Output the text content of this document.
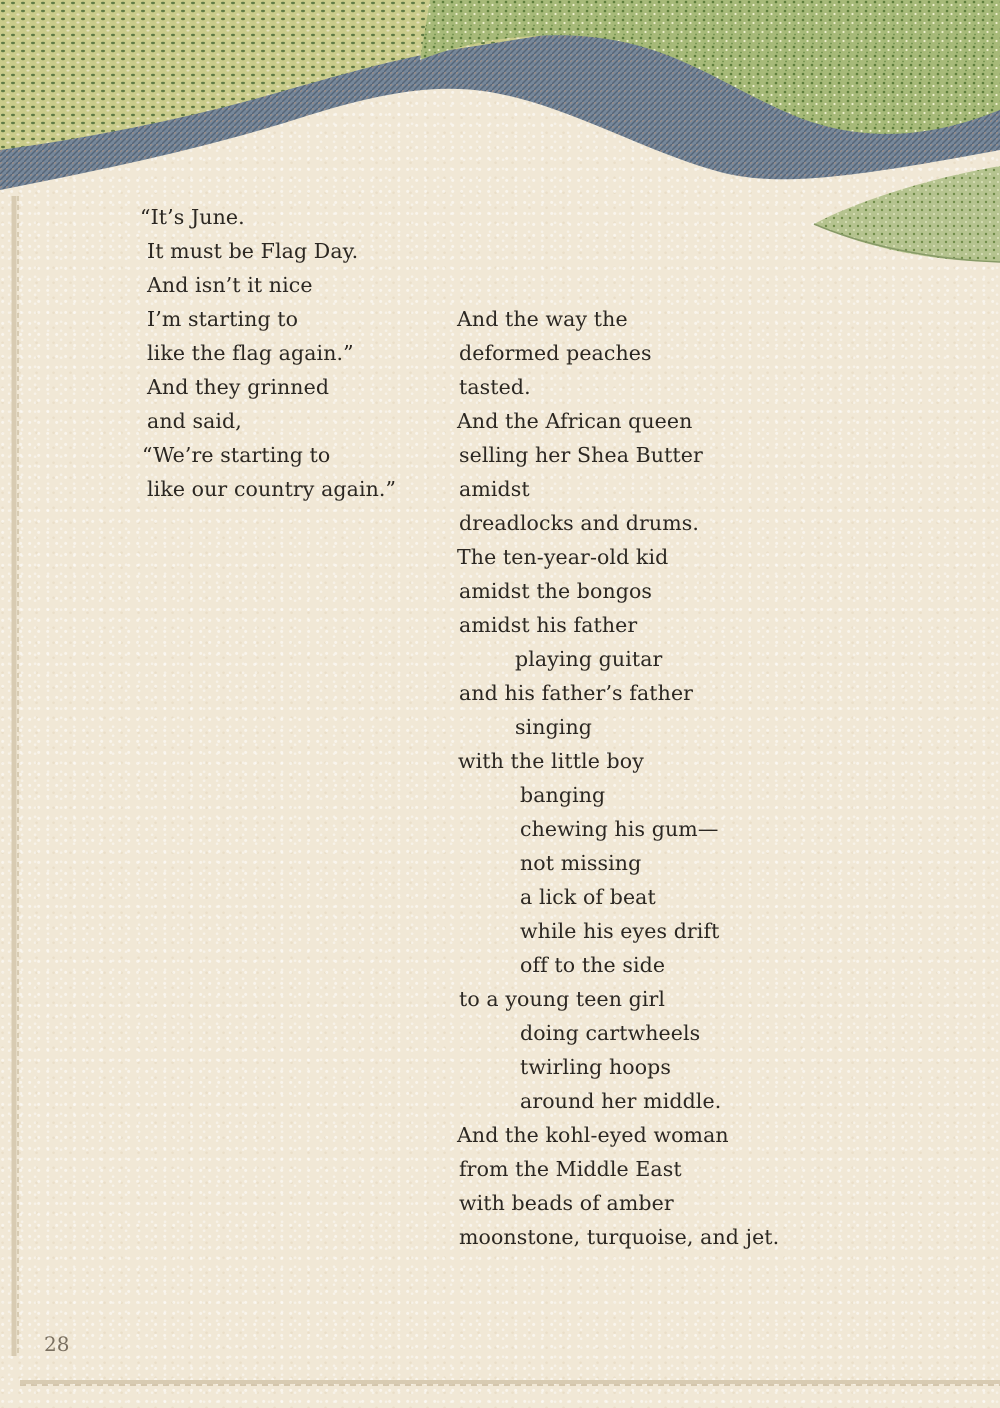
“It’s June.
It must be Flag Day.
And isn’t it nice
I’m starting to
like the flag again.”
And they grinned
and said,
“We’re starting to
like our country again.”
And the way the
deformed peaches
tasted.
And the African queen
selling her Shea Butter
amidst
dreadlocks and drums.
The ten-year-old kid
amidst the bongos
amidst his father
playing guitar
and his father’s father
singing
with the little boy
banging
chewing his gum—
not missing
a lick of beat
while his eyes drift
off to the side
to a young teen girl
doing cartwheels
twirling hoops
around her middle.
And the kohl-eyed woman
from the Middle East
with beads of amber
moonstone, turquoise, and jet.
28
